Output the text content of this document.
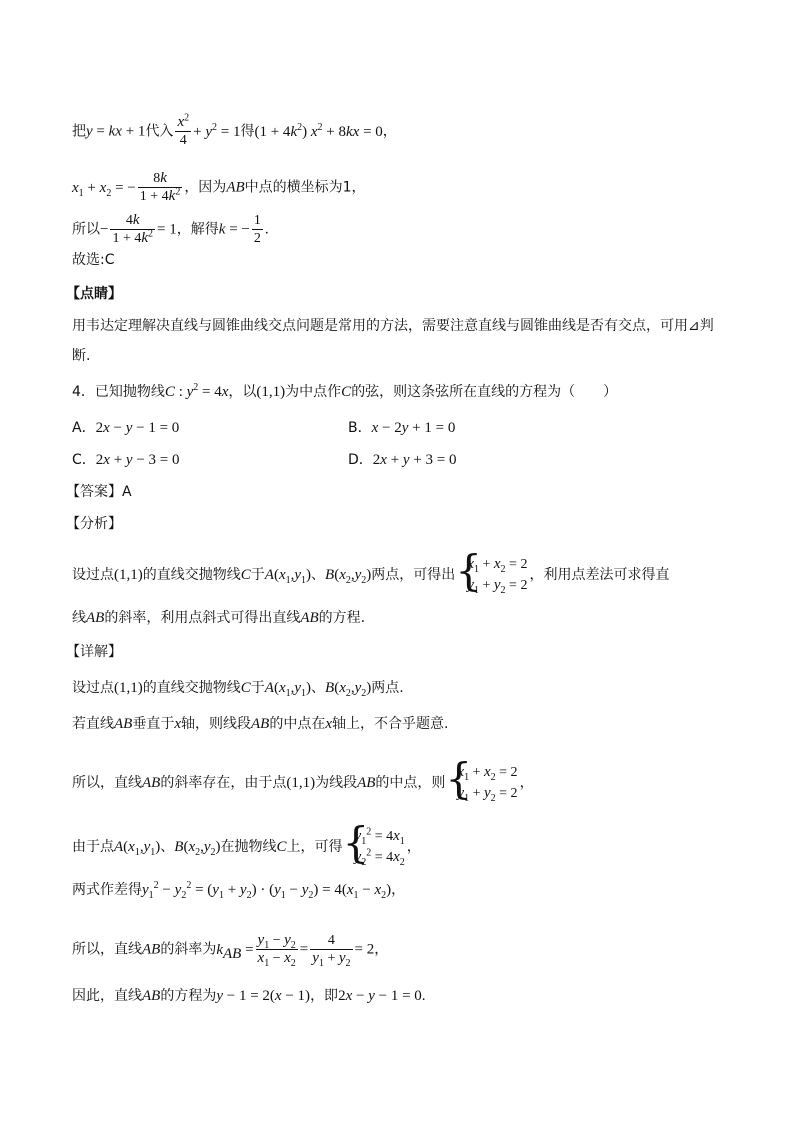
把y = kx + 1代入 $\frac{x^2}{4} + y^2 = 1$得$(1 + 4k^2)$ $x^2 + 8kx = 0$，
$x_1 + x_2$ = − $\frac{8k}{1 + 4k^2}$ ，因为AB中点的横坐标为1，
所以− $\frac{4k}{1 + 4k^2} = 1$，解得k = − $\frac{1}{2}$ .
故选:C
【点睛】
用韦达定理解决直线与圆锥曲线交点问题是常用的方法，需要注意直线与圆锥曲线是否有交点，可用⊿判
断.
4．已知抛物线C : $y^2 = 4x$，以(1,1)为中点作C的弦，则这条弦所在直线的方程为（　　）
A．2x − y − 1 = 0	B．x − 2y + 1 = 0
C．2x + y − 3 = 0	D．2x + y + 3 = 0
【答案】A
【分析】
设过点(1,1)的直线交抛物线C于$A(x_1,y_1)$、$B(x_2,y_2)$两点，可得出
{ $x_1 + x_2 = 2$
$y_1 + y_2 = 2$
，利用点差法可求得直
线AB的斜率，利用点斜式可得出直线AB的方程.
【详解】
设过点(1,1)的直线交抛物线C于$A(x_1,y_1)$、$B(x_2,y_2)$两点.
若直线AB垂直于x轴，则线段AB的中点在x轴上，不合乎题意.
所以，直线AB的斜率存在，由于点(1,1)为线段AB的中点，则
{ $x_1 + x_2 = 2$
$y_1 + y_2 = 2$
，
由于点$A(x_1,y_1)$、$B(x_2,y_2)$在抛物线C上，可得
{ $y_1^2 = 4x_1$
$y_2^2 = 4x_2$
，
两式作差得$y_1^2 - y_2^2 = (y_1 + y_2) \cdot (y_1 - y_2) = 4(x_1 - x_2)$，
所以，直线AB的斜率为$k_{AB} = \frac{y_1 - y_2}{x_1 - x_2} = \frac{4}{y_1 + y_2} = 2$，
因此，直线AB的方程为y − 1 = 2(x − 1)，即2x − y − 1 = 0.
